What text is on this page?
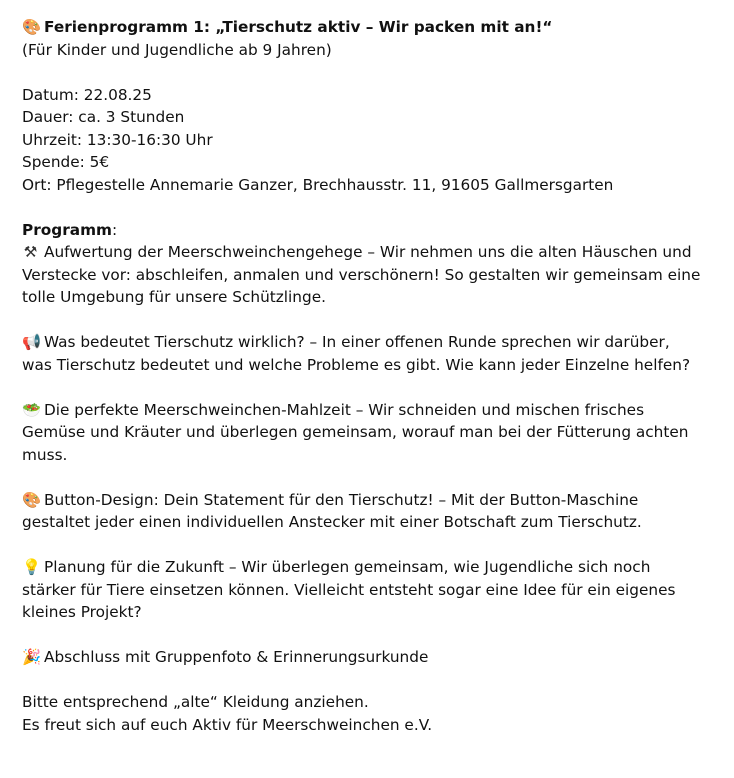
🎨 Ferienprogramm 1: „Tierschutz aktiv – Wir packen mit an!“
(Für Kinder und Jugendliche ab 9 Jahren)
Datum: 22.08.25
Dauer: ca. 3 Stunden
Uhrzeit: 13:30-16:30 Uhr
Spende: 5€
Ort: Pflegestelle Annemarie Ganzer, Brechhausstr. 11, 91605 Gallmersgarten
Programm:
⚒ Aufwertung der Meerschweinchengehege – Wir nehmen uns die alten Häuschen und
Verstecke vor: abschleifen, anmalen und verschönern! So gestalten wir gemeinsam eine
tolle Umgebung für unsere Schützlinge.
📢 Was bedeutet Tierschutz wirklich? – In einer offenen Runde sprechen wir darüber,
was Tierschutz bedeutet und welche Probleme es gibt. Wie kann jeder Einzelne helfen?
🥗 Die perfekte Meerschweinchen-Mahlzeit – Wir schneiden und mischen frisches
Gemüse und Kräuter und überlegen gemeinsam, worauf man bei der Fütterung achten
muss.
🎨 Button-Design: Dein Statement für den Tierschutz! – Mit der Button-Maschine
gestaltet jeder einen individuellen Anstecker mit einer Botschaft zum Tierschutz.
💡 Planung für die Zukunft – Wir überlegen gemeinsam, wie Jugendliche sich noch
stärker für Tiere einsetzen können. Vielleicht entsteht sogar eine Idee für ein eigenes
kleines Projekt?
🎉 Abschluss mit Gruppenfoto & Erinnerungsurkunde
Bitte entsprechend „alte“ Kleidung anziehen.
Es freut sich auf euch Aktiv für Meerschweinchen e.V.
